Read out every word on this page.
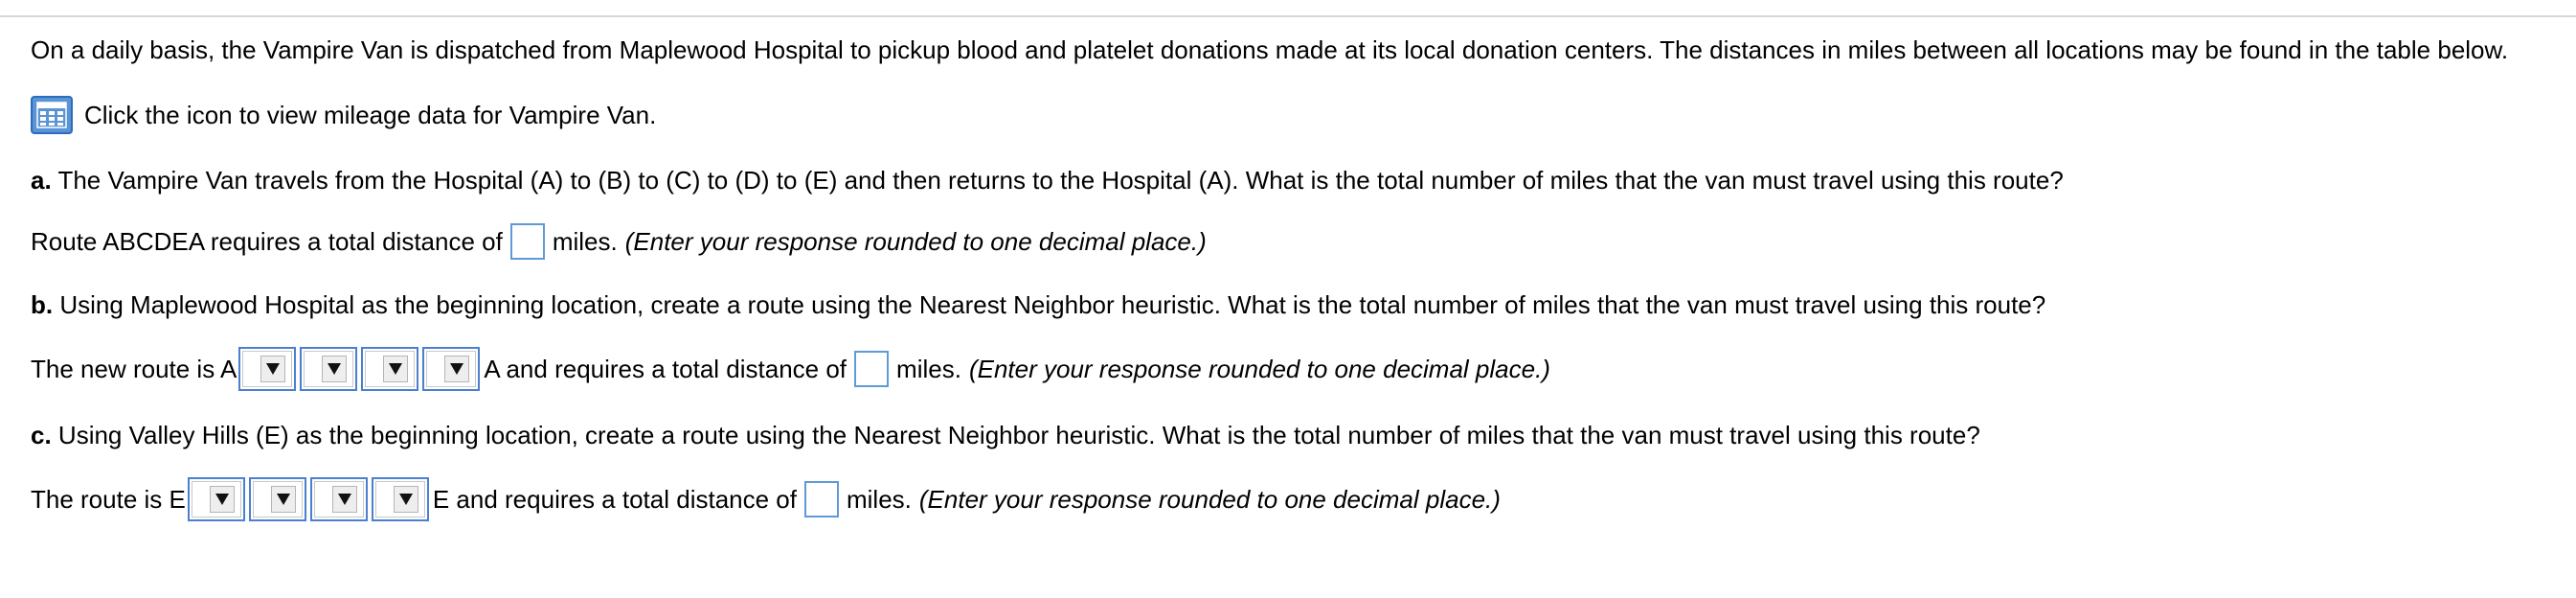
On a daily basis, the Vampire Van is dispatched from Maplewood Hospital to pickup blood and platelet donations made at its local donation centers. The distances in miles between all locations may be found in the table below.
Click the icon to view mileage data for Vampire Van.
a. The Vampire Van travels from the Hospital (A) to (B) to (C) to (D) to (E) and then returns to the Hospital (A). What is the total number of miles that the van must travel using this route?
Route ABCDEA requires a total distance of miles. (Enter your response rounded to one decimal place.)
b. Using Maplewood Hospital as the beginning location, create a route using the Nearest Neighbor heuristic. What is the total number of miles that the van must travel using this route?
The new route is A	A and requires a total distance of miles. (Enter your response rounded to one decimal place.)
c. Using Valley Hills (E) as the beginning location, create a route using the Nearest Neighbor heuristic. What is the total number of miles that the van must travel using this route?
The route is E	E and requires a total distance of miles. (Enter your response rounded to one decimal place.)
